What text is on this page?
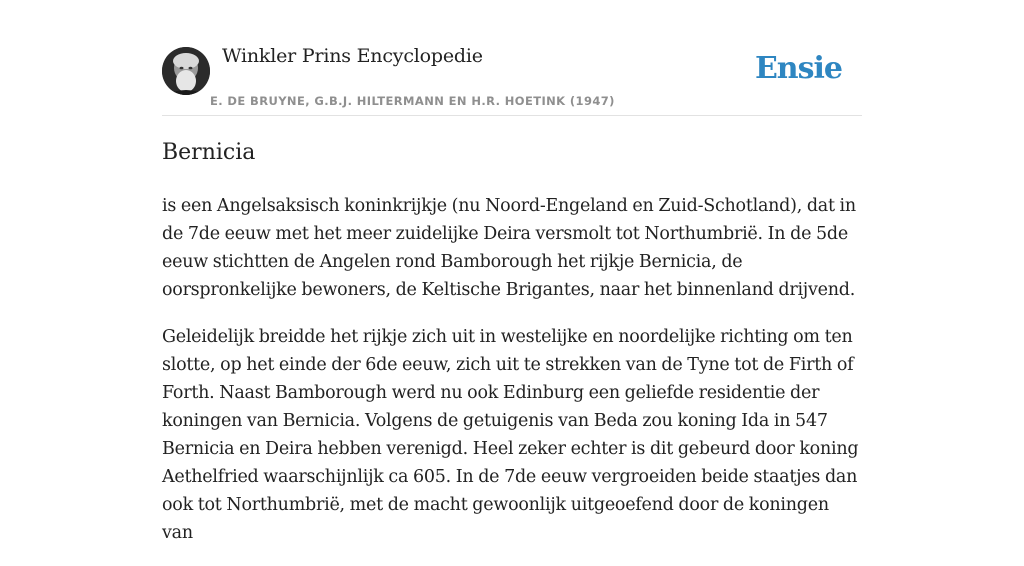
Winkler Prins Encyclopedie
E. DE BRUYNE, G.B.J. HILTERMANN EN H.R. HOETINK (1947)
Ensie
Bernicia

is een Angelsaksisch koninkrijkje (nu Noord-Engeland en Zuid-Schotland), dat in de 7de eeuw met het meer zuidelijke Deira versmolt tot Northumbrië. In de 5de eeuw stichtten de Angelen rond Bamborough het rijkje Bernicia, de oorspronkelijke bewoners, de Keltische Brigantes, naar het binnenland drijvend.

Geleidelijk breidde het rijkje zich uit in westelijke en noordelijke richting om ten slotte, op het einde der 6de eeuw, zich uit te strekken van de Tyne tot de Firth of Forth. Naast Bamborough werd nu ook Edinburg een geliefde residentie der koningen van Bernicia. Volgens de getuigenis van Beda zou koning Ida in 547 Bernicia en Deira hebben verenigd. Heel zeker echter is dit gebeurd door koning Aethelfried waarschijnlijk ca 605. In de 7de eeuw vergroeiden beide staatjes dan ook tot Northumbrië, met de macht gewoonlijk uitgeoefend door de koningen van
